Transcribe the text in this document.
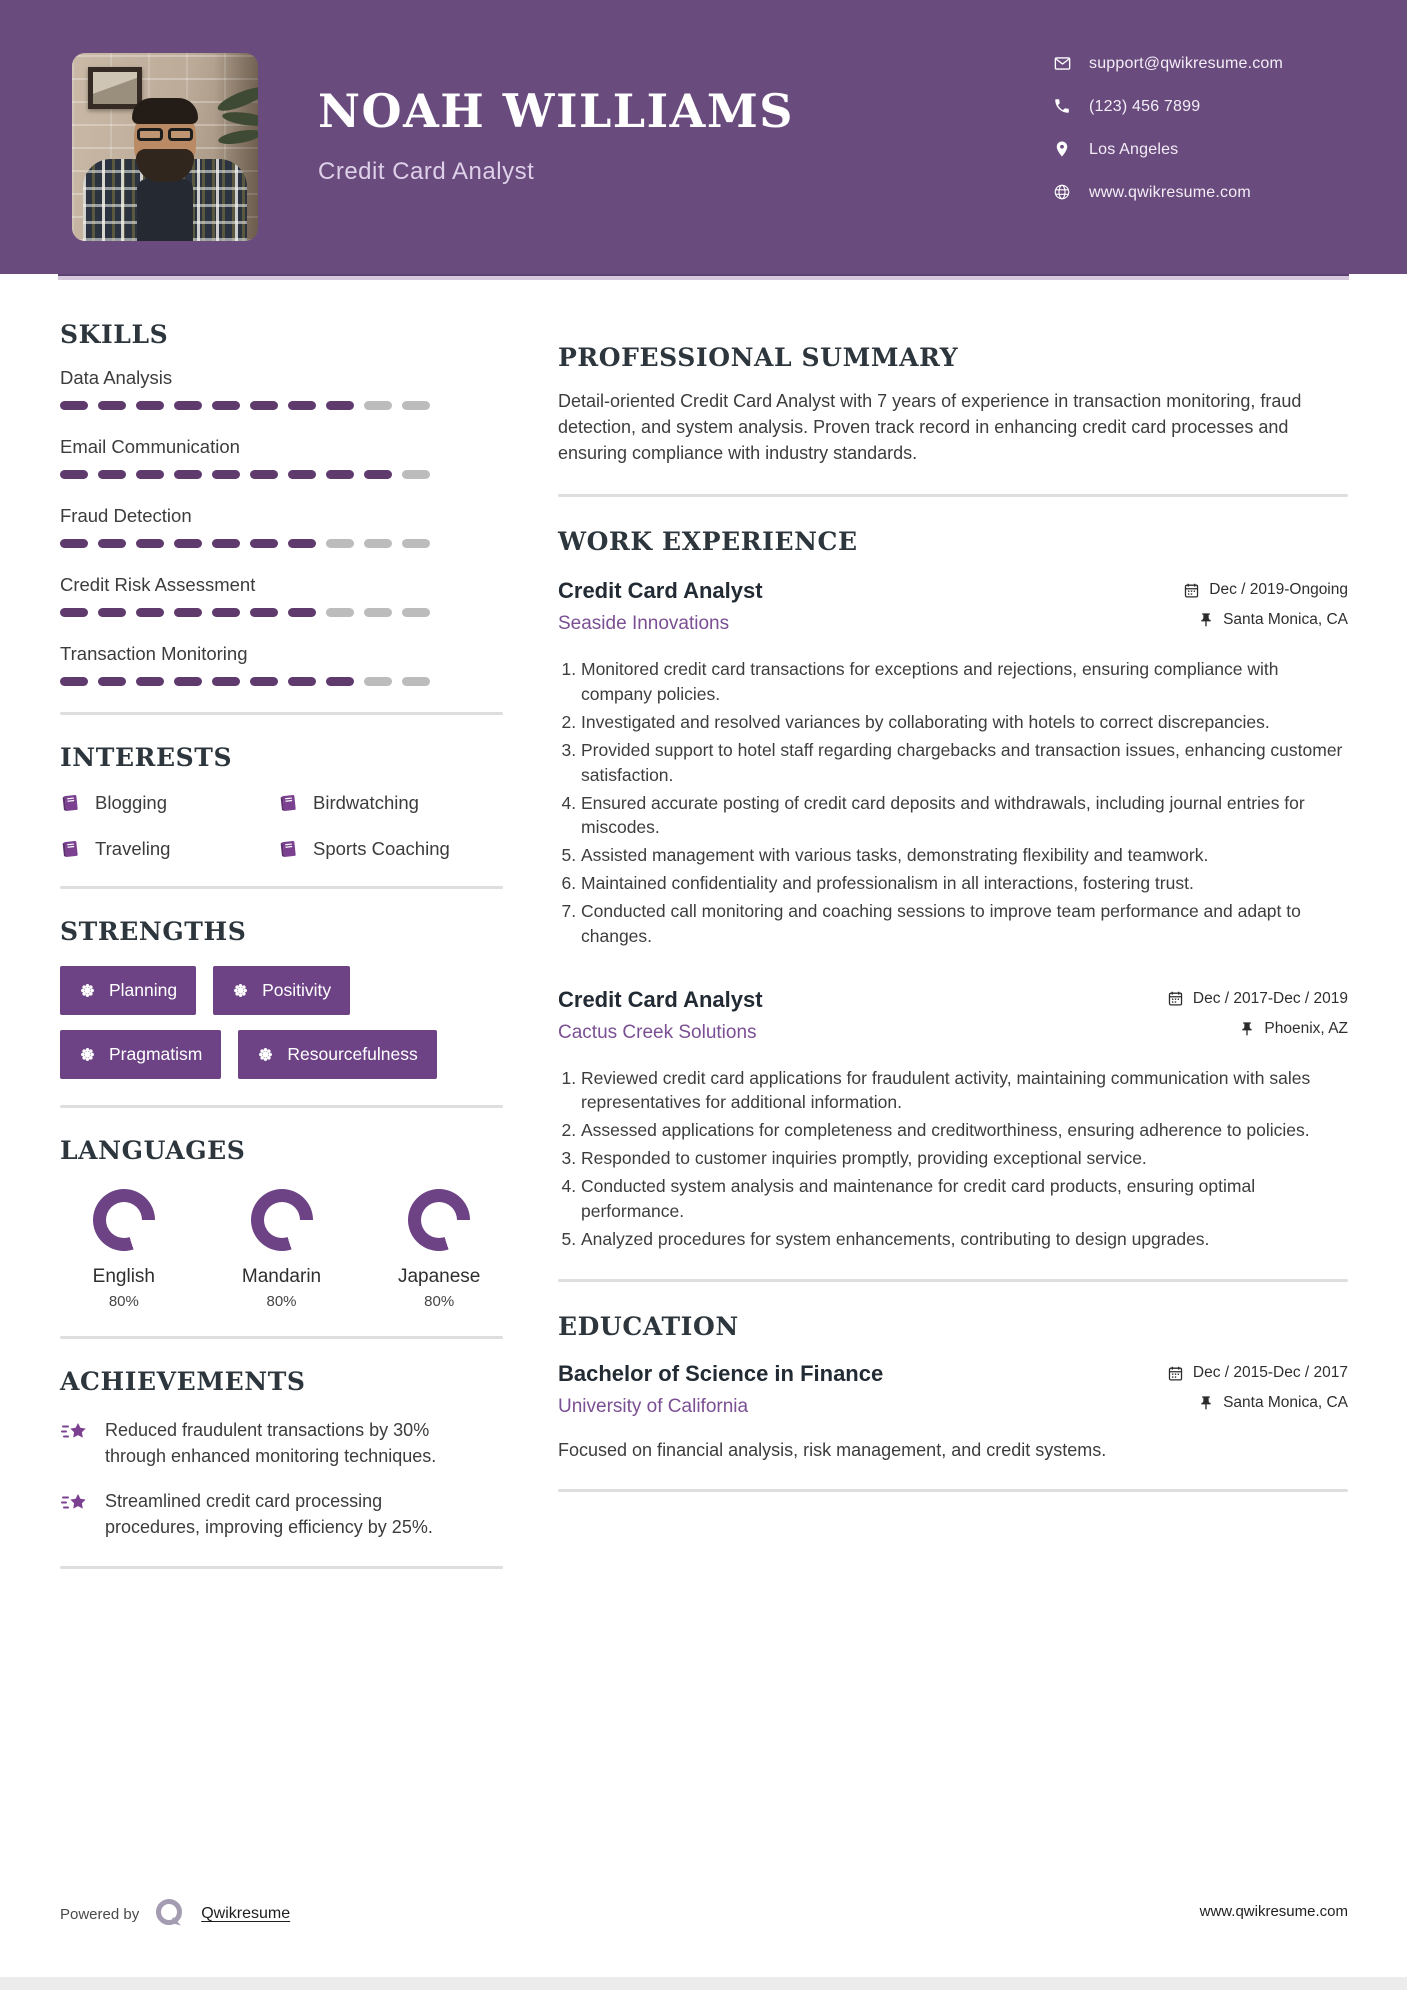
NOAH WILLIAMS
Credit Card Analyst
support@qwikresume.com
(123) 456 7899
Los Angeles
www.qwikresume.com
SKILLS
Data Analysis
Email Communication
Fraud Detection
Credit Risk Assessment
Transaction Monitoring
INTERESTS
Blogging	Birdwatching
Traveling	Sports Coaching
STRENGTHS
Planning	Positivity
Pragmatism	Resourcefulness
LANGUAGES
English
80%
Mandarin
80%
Japanese
80%
ACHIEVEMENTS

Reduced fraudulent transactions by 30% through enhanced monitoring techniques.

Streamlined credit card processing procedures, improving efficiency by 25%.

PROFESSIONAL SUMMARY

Detail-oriented Credit Card Analyst with 7 years of experience in transaction monitoring, fraud detection, and system analysis. Proven track record in enhancing credit card processes and ensuring compliance with industry standards.

WORK EXPERIENCE
Credit Card Analyst
Seaside Innovations
Dec / 2019-Ongoing
Santa Monica, CA
1. Monitored credit card transactions for exceptions and rejections, ensuring compliance with company policies.
2. Investigated and resolved variances by collaborating with hotels to correct discrepancies.
3. Provided support to hotel staff regarding chargebacks and transaction issues, enhancing customer satisfaction.
4. Ensured accurate posting of credit card deposits and withdrawals, including journal entries for miscodes.
5. Assisted management with various tasks, demonstrating flexibility and teamwork.
6. Maintained confidentiality and professionalism in all interactions, fostering trust.
7. Conducted call monitoring and coaching sessions to improve team performance and adapt to changes.
Credit Card Analyst
Cactus Creek Solutions
Dec / 2017-Dec / 2019
Phoenix, AZ
1. Reviewed credit card applications for fraudulent activity, maintaining communication with sales representatives for additional information.
2. Assessed applications for completeness and creditworthiness, ensuring adherence to policies.
3. Responded to customer inquiries promptly, providing exceptional service.
4. Conducted system analysis and maintenance for credit card products, ensuring optimal performance.
5. Analyzed procedures for system enhancements, contributing to design upgrades.
EDUCATION
Bachelor of Science in Finance
University of California
Dec / 2015-Dec / 2017
Santa Monica, CA

Focused on financial analysis, risk management, and credit systems.

Powered by	Qwikresume	www.qwikresume.com
